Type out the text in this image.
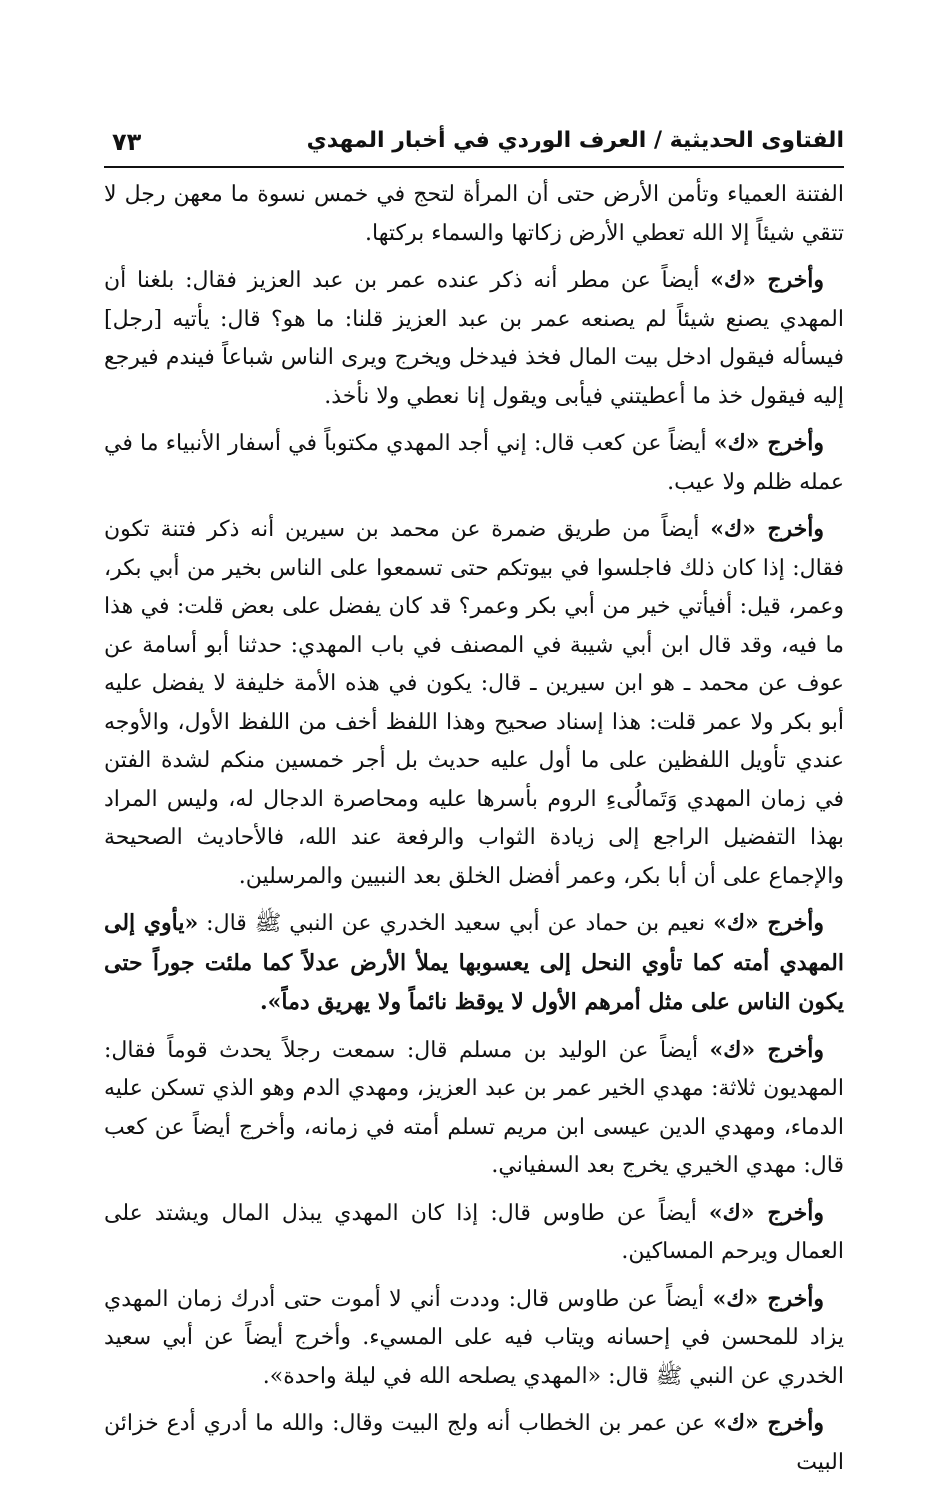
الفتاوى الحديثية / العرف الوردي في أخبار المهدي
٧٣

الفتنة العمياء وتأمن الأرض حتى أن المرأة لتحج في خمس نسوة ما معهن رجل لا تتقي شيئاً إلا الله تعطي الأرض زكاتها والسماء بركتها.

وأخرج «ك» أيضاً عن مطر أنه ذكر عنده عمر بن عبد العزيز فقال: بلغنا أن المهدي يصنع شيئاً لم يصنعه عمر بن عبد العزيز قلنا: ما هو؟ قال: يأتيه [رجل] فيسأله فيقول ادخل بيت المال فخذ فيدخل ويخرج ويرى الناس شباعاً فيندم فيرجع إليه فيقول خذ ما أعطيتني فيأبى ويقول إنا نعطي ولا نأخذ.

وأخرج «ك» أيضاً عن كعب قال: إني أجد المهدي مكتوباً في أسفار الأنبياء ما في عمله ظلم ولا عيب.

وأخرج «ك» أيضاً من طريق ضمرة عن محمد بن سيرين أنه ذكر فتنة تكون فقال: إذا كان ذلك فاجلسوا في بيوتكم حتى تسمعوا على الناس بخير من أبي بكر، وعمر، قيل: أفيأتي خير من أبي بكر وعمر؟ قد كان يفضل على بعض قلت: في هذا ما فيه، وقد قال ابن أبي شيبة في المصنف في باب المهدي: حدثنا أبو أسامة عن عوف عن محمد ـ هو ابن سيرين ـ قال: يكون في هذه الأمة خليفة لا يفضل عليه أبو بكر ولا عمر قلت: هذا إسناد صحيح وهذا اللفظ أخف من اللفظ الأول، والأوجه عندي تأويل اللفظين على ما أول عليه حديث بل أجر خمسين منكم لشدة الفتن في زمان المهدي وَتَمالُىءِ الروم بأسرها عليه ومحاصرة الدجال له، وليس المراد بهذا التفضيل الراجع إلى زيادة الثواب والرفعة عند الله، فالأحاديث الصحيحة والإجماع على أن أبا بكر، وعمر أفضل الخلق بعد النبيين والمرسلين.

وأخرج «ك» نعيم بن حماد عن أبي سعيد الخدري عن النبي ﷺ قال: «يأوي إلى المهدي أمته كما تأوي النحل إلى يعسوبها يملأ الأرض عدلاً كما ملئت جوراً حتى يكون الناس على مثل أمرهم الأول لا يوقظ نائماً ولا يهريق دماً».

وأخرج «ك» أيضاً عن الوليد بن مسلم قال: سمعت رجلاً يحدث قوماً فقال: المهديون ثلاثة: مهدي الخير عمر بن عبد العزيز، ومهدي الدم وهو الذي تسكن عليه الدماء، ومهدي الدين عيسى ابن مريم تسلم أمته في زمانه، وأخرج أيضاً عن كعب قال: مهدي الخيري يخرج بعد السفياني.

وأخرج «ك» أيضاً عن طاوس قال: إذا كان المهدي يبذل المال ويشتد على العمال ويرحم المساكين.

وأخرج «ك» أيضاً عن طاوس قال: وددت أني لا أموت حتى أدرك زمان المهدي يزاد للمحسن في إحسانه ويتاب فيه على المسيء. وأخرج أيضاً عن أبي سعيد الخدري عن النبي ﷺ قال: «المهدي يصلحه الله في ليلة واحدة».

وأخرج «ك» عن عمر بن الخطاب أنه ولج البيت وقال: والله ما أدري أدع خزائن البيت
